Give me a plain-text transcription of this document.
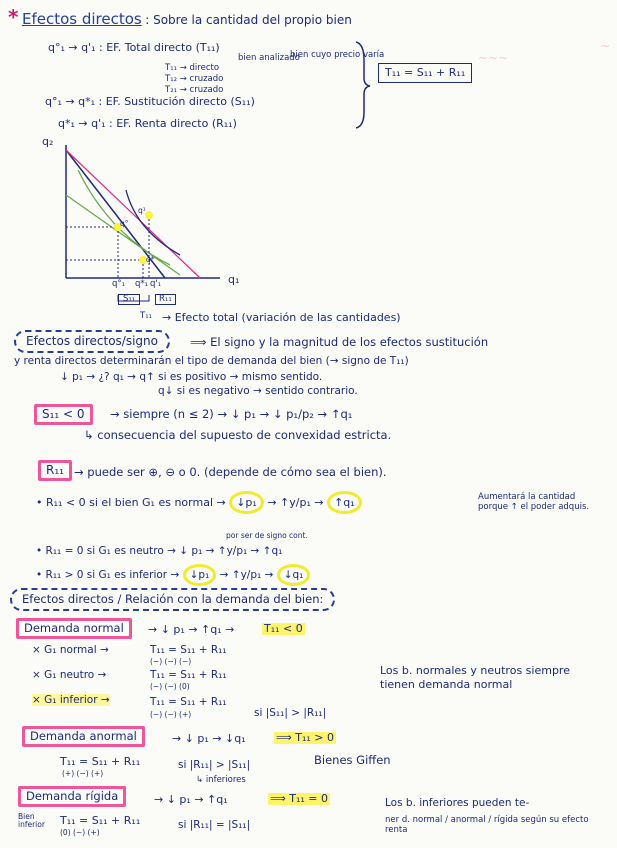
* Efectos directos : Sobre la cantidad del propio bien
q°₁ → q'₁ : EF. Total directo (T₁₁)
bien analizado
bien cuyo precio varía
T₁₁ → directo
T₁₂ → cruzado
T₂₁ → cruzado
q°₁ → q*₁ : EF. Sustitución directo (S₁₁)
q*₁ → q'₁ : EF. Renta directo (R₁₁)
T₁₁ = S₁₁ + R₁₁
q₂
q₁
q¹
q°
q*
q°₁ q*₁ q'₁
S₁₁	R₁₁
T₁₁ → Efecto total (variación de las cantidades)
Efectos directos/signo	⟹ El signo y la magnitud de los efectos sustitución
y renta directos determinarán el tipo de demanda del bien (→ signo de T₁₁)
↓ p₁ → ¿? q₁ → q↑ si es positivo → mismo sentido.
q↓ si es negativo → sentido contrario.
S₁₁ < 0	→ siempre (n ≤ 2) → ↓ p₁ → ↓ p₁/p₂ → ↑q₁
↳ consecuencia del supuesto de convexidad estricta.
R₁₁ → puede ser ⊕, ⊖ o 0. (depende de cómo sea el bien).
• R₁₁ < 0 si el bien G₁ es normal → ↓p₁ → ↑y/p₁ → ↑q₁	Aumentará la cantidad porque ↑ el poder adquis.
por ser de signo cont.
• R₁₁ = 0 si G₁ es neutro → ↓ p₁ → ↑y/p₁ → ↑q₁
• R₁₁ > 0 si G₁ es inferior → ↓p₁ → ↑y/p₁ → ↓q₁
Efectos directos / Relación con la demanda del bien:
Demanda normal	→ ↓ p₁ → ↑q₁ →	T₁₁ < 0
× G₁ normal →	T₁₁ = S₁₁ + R₁₁
(−) (−) (−)
× G₁ neutro →	T₁₁ = S₁₁ + R₁₁
(−) (−) (0)
× G₁ inferior →	T₁₁ = S₁₁ + R₁₁
(−) (−) (+)	si |S₁₁| > |R₁₁|
Los b. normales y neutros siempre tienen demanda normal
Demanda anormal	→ ↓ p₁ → ↓q₁	⟹ T₁₁ > 0
T₁₁ = S₁₁ + R₁₁
(+) (−) (+)
si |R₁₁| > |S₁₁|	Bienes Giffen
↳ inferiores
Demanda rígida	→ ↓ p₁ → ↑q₁	⟹ T₁₁ = 0
Bien inferior	T₁₁ = S₁₁ + R₁₁
(0) (−) (+)
si |R₁₁| = |S₁₁|
Los b. inferiores pueden te-
ner d. normal / anormal / rígida según su efecto renta
~~~
~
